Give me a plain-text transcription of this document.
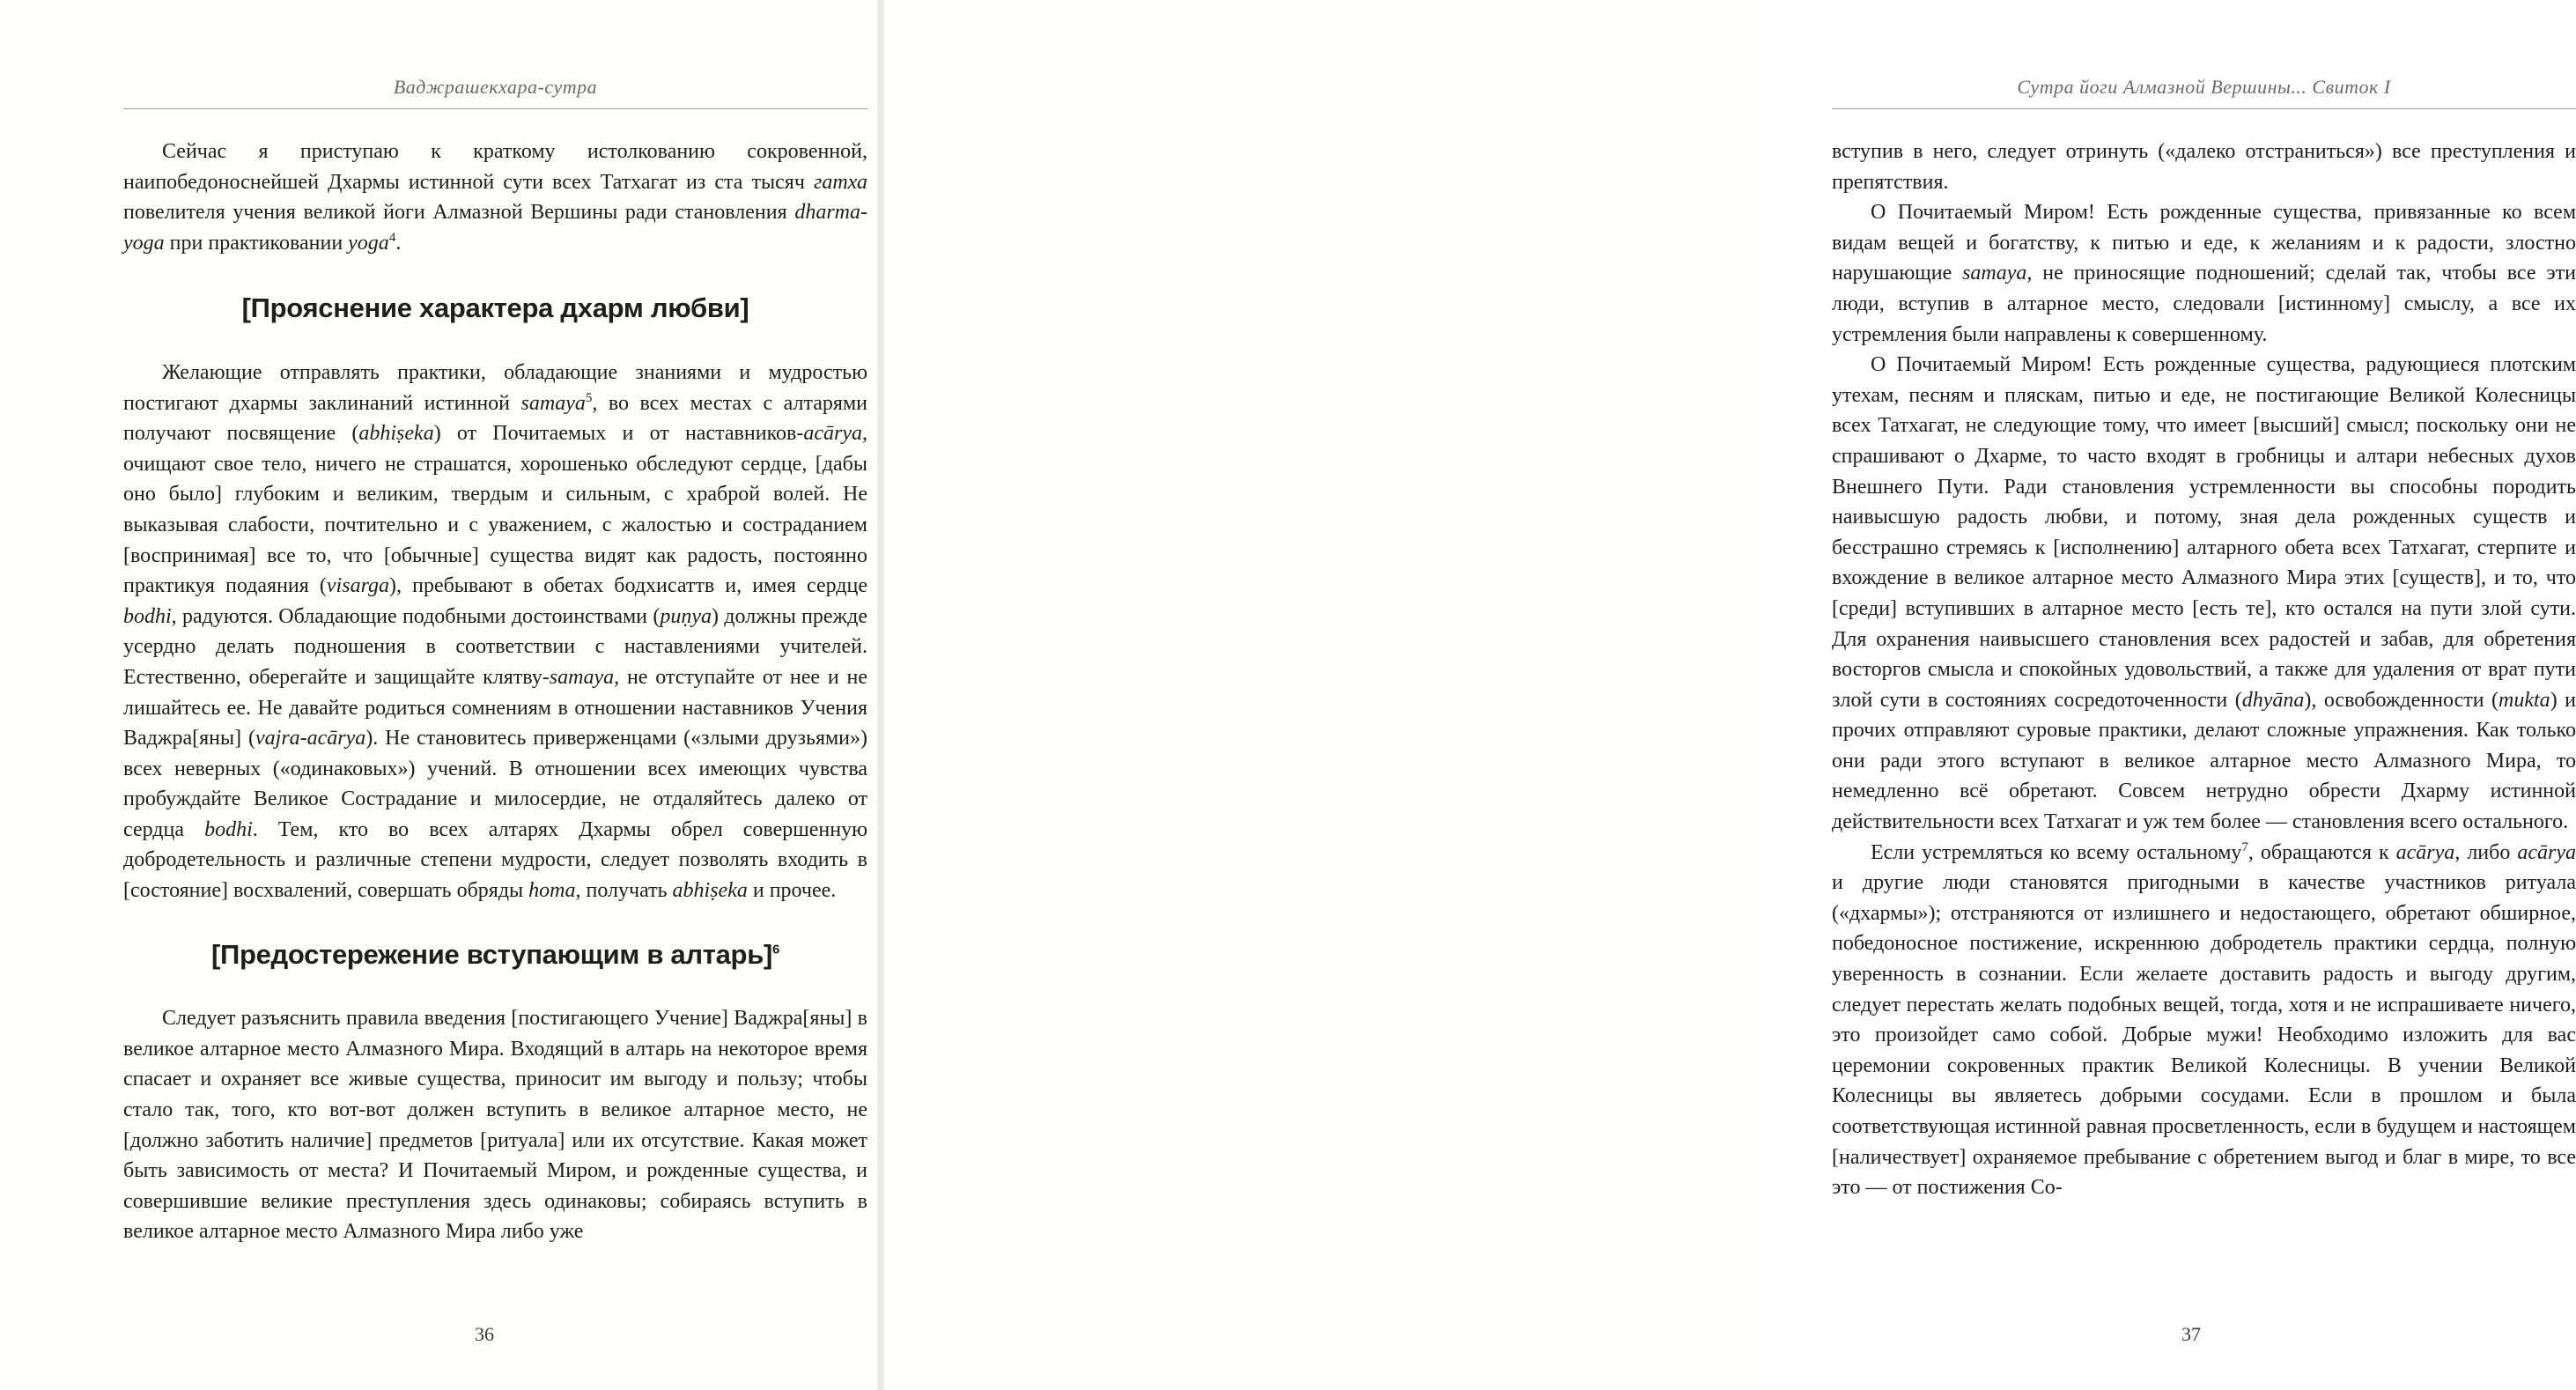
Ваджрашекхара-сутра

Сейчас я приступаю к краткому истолкованию сокровенной, наипобедоноснейшей Дхармы истинной сути всех Татхагат из ста тысяч гатха повелителя учения великой йоги Алмазной Вершины ради становления dharma-yoga при практиковании yoga$^4$.

[Прояснение характера дхарм любви]

Желающие отправлять практики, обладающие знаниями и мудростью постигают дхармы заклинаний истинной samaya$^5$, во всех местах с алтарями получают посвящение (abhiṣeka) от Почитаемых и от наставников-acārya, очищают свое тело, ничего не страшатся, хорошенько обследуют сердце, [дабы оно было] глубоким и великим, твердым и сильным, с храброй волей. Не выказывая слабости, почтительно и с уважением, с жалостью и состраданием [воспринимая] все то, что [обычные] существа видят как радость, постоянно практикуя подаяния (visarga), пребывают в обетах бодхисаттв и, имея сердце bodhi, радуются. Обладающие подобными достоинствами (puṇya) должны прежде усердно делать подношения в соответствии с наставлениями учителей. Естественно, оберегайте и защищайте клятву-samaya, не отступайте от нее и не лишайтесь ее. Не давайте родиться сомнениям в отношении наставников Учения Ваджра[яны] (vajra-acārya). Не становитесь приверженцами («злыми друзьями») всех неверных («одинаковых») учений. В отношении всех имеющих чувства пробуждайте Великое Сострадание и милосердие, не отдаляйтесь далеко от сердца bodhi. Тем, кто во всех алтарях Дхармы обрел совершенную добродетельность и различные степени мудрости, следует позволять входить в [состояние] восхвалений, совершать обряды homa, получать abhiṣeka и прочее.

[Предостережение вступающим в алтарь]$^6$

Следует разъяснить правила введения [постигающего Учение] Ваджра[яны] в великое алтарное место Алмазного Мира. Входящий в алтарь на некоторое время спасает и охраняет все живые существа, приносит им выгоду и пользу; чтобы стало так, того, кто вот-вот должен вступить в великое алтарное место, не [должно заботить наличие] предметов [ритуала] или их отсутствие. Какая может быть зависимость от места? И Почитаемый Миром, и рожденные существа, и совершившие великие преступления здесь одинаковы; собираясь вступить в великое алтарное место Алмазного Мира либо уже

36
Сутра йоги Алмазной Вершины... Свиток I

вступив в него, следует отринуть («далеко отстраниться») все преступления и препятствия.

О Почитаемый Миром! Есть рожденные существа, привязанные ко всем видам вещей и богатству, к питью и еде, к желаниям и к радости, злостно нарушающие samaya, не приносящие подношений; сделай так, чтобы все эти люди, вступив в алтарное место, следовали [истинному] смыслу, а все их устремления были направлены к совершенному.

О Почитаемый Миром! Есть рожденные существа, радующиеся плотским утехам, песням и пляскам, питью и еде, не постигающие Великой Колесницы всех Татхагат, не следующие тому, что имеет [высший] смысл; поскольку они не спрашивают о Дхарме, то часто входят в гробницы и алтари небесных духов Внешнего Пути. Ради становления устремленности вы способны породить наивысшую радость любви, и потому, зная дела рожденных существ и бесстрашно стремясь к [исполнению] алтарного обета всех Татхагат, стерпите и вхождение в великое алтарное место Алмазного Мира этих [существ], и то, что [среди] вступивших в алтарное место [есть те], кто остался на пути злой сути. Для охранения наивысшего становления всех радостей и забав, для обретения восторгов смысла и спокойных удовольствий, а также для удаления от врат пути злой сути в состояниях сосредоточенности (dhyāna), освобожденности (mukta) и прочих отправляют суровые практики, делают сложные упражнения. Как только они ради этого вступают в великое алтарное место Алмазного Мира, то немедленно всё обретают. Совсем нетрудно обрести Дхарму истинной действительности всех Татхагат и уж тем более — становления всего остального.

Если устремляться ко всему остальному$^7$, обращаются к acārya, либо acārya и другие люди становятся пригодными в качестве участников ритуала («дхармы»); отстраняются от излишнего и недостающего, обретают обширное, победоносное постижение, искреннюю добродетель практики сердца, полную уверенность в сознании. Если желаете доставить радость и выгоду другим, следует перестать желать подобных вещей, тогда, хотя и не испрашиваете ничего, это произойдет само собой. Добрые мужи! Необходимо изложить для вас церемонии сокровенных практик Великой Колесницы. В учении Великой Колесницы вы являетесь добрыми сосудами. Если в прошлом и была соответствующая истинной равная просветленность, если в будущем и настоящем [наличествует] охраняемое пребывание с обретением выгод и благ в мире, то все это — от постижения Со-

37
